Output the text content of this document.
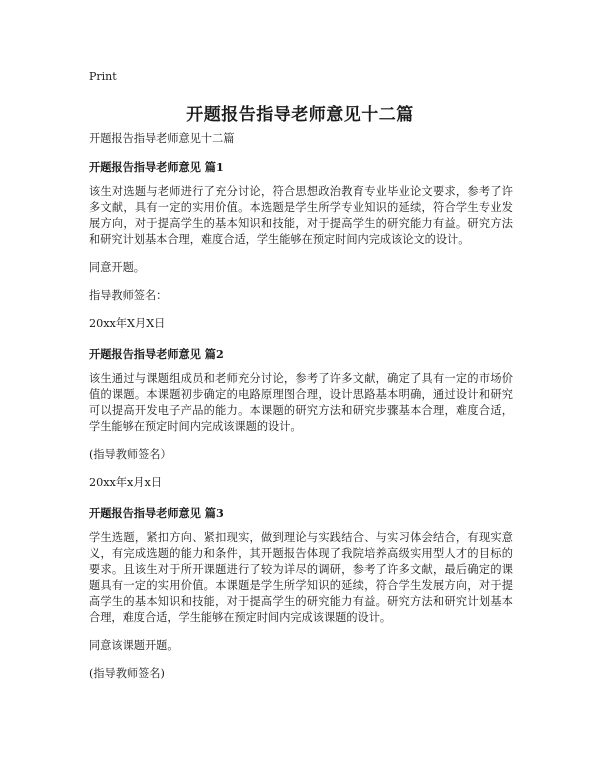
Print
开题报告指导老师意见十二篇

开题报告指导老师意见十二篇

开题报告指导老师意见 篇1

该生对选题与老师进行了充分讨论，符合思想政治教育专业毕业论文要求，参考了许多文献，具有一定的实用价值。本选题是学生所学专业知识的延续，符合学生专业发展方向，对于提高学生的基本知识和技能，对于提高学生的研究能力有益。研究方法和研究计划基本合理，难度合适，学生能够在预定时间内完成该论文的设计。

同意开题。

指导教师签名：

20xx年X月X日

开题报告指导老师意见 篇2

该生通过与课题组成员和老师充分讨论，参考了许多文献，确定了具有一定的市场价值的课题。本课题初步确定的电路原理图合理，设计思路基本明确，通过设计和研究可以提高开发电子产品的能力。本课题的研究方法和研究步骤基本合理，难度合适，学生能够在预定时间内完成该课题的设计。

(指导教师签名）

20xx年x月x日

开题报告指导老师意见 篇3

学生选题，紧扣方向、紧扣现实，做到理论与实践结合、与实习体会结合，有现实意义，有完成选题的能力和条件，其开题报告体现了我院培养高级实用型人才的目标的要求。且该生对于所开课题进行了较为详尽的调研，参考了许多文献，最后确定的课题具有一定的实用价值。本课题是学生所学知识的延续，符合学生发展方向，对于提高学生的基本知识和技能，对于提高学生的研究能力有益。研究方法和研究计划基本合理，难度合适，学生能够在预定时间内完成该课题的设计。

同意该课题开题。

(指导教师签名)
